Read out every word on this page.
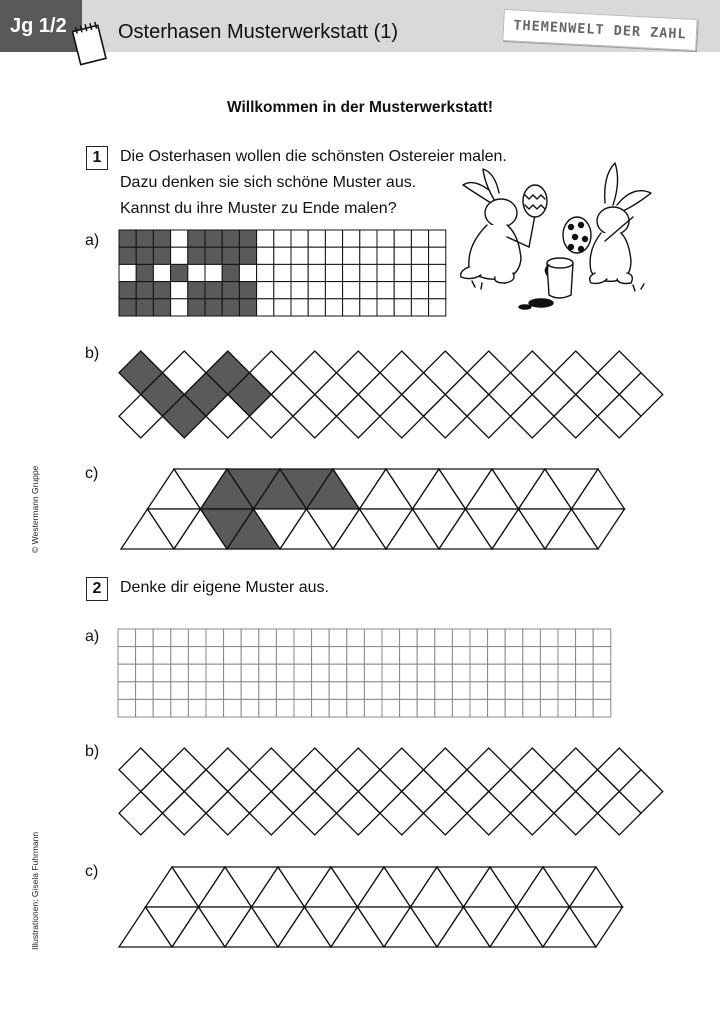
Jg 1/2	Osterhasen Musterwerkstatt (1)	THEMENWELT DER ZAHL
Willkommen in der Musterwerkstatt!
1	Die Osterhasen wollen die schönsten Ostereier malen.
Dazu denken sie sich schöne Muster aus.
Kannst du ihre Muster zu Ende malen?
a)
b)
c)
2	Denke dir eigene Muster aus.
a)
b)
c)
© Westermann Gruppe
Illustrationen: Gisela Fuhrmann
